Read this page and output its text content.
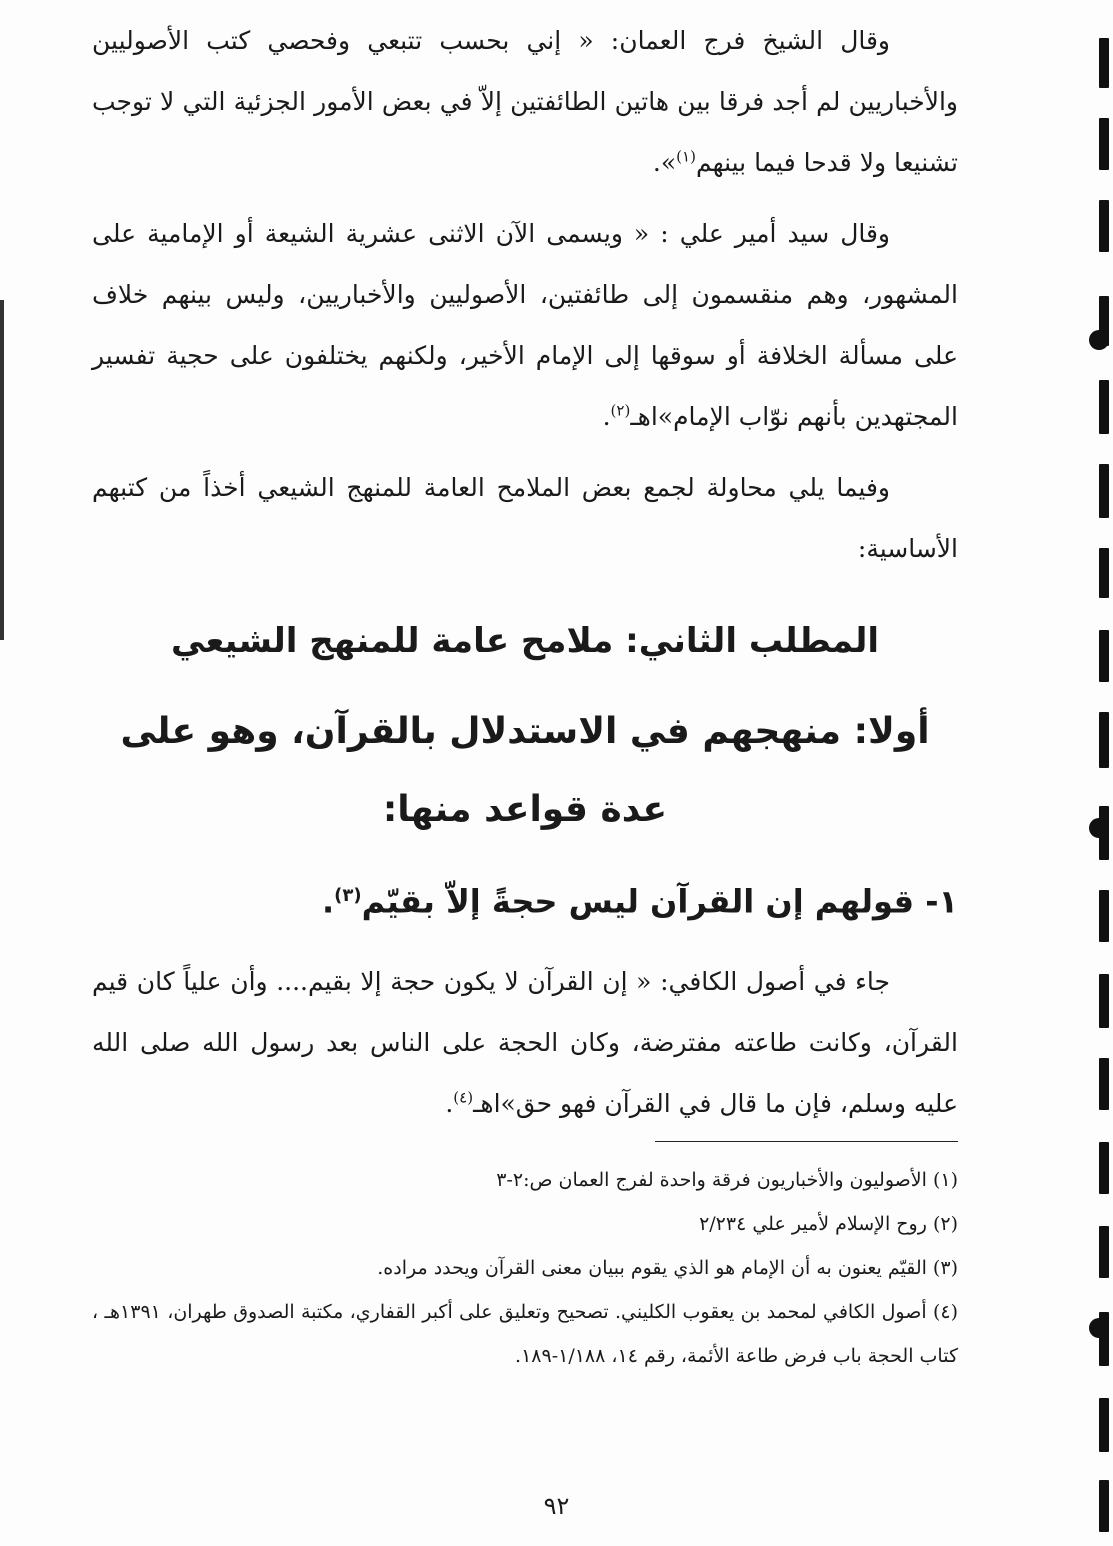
وقال الشيخ فرج العمان: « إني بحسب تتبعي وفحصي كتب الأصوليين والأخباريين لم أجد فرقا بين هاتين الطائفتين إلاّ في بعض الأمور الجزئية التي لا توجب تشنيعا ولا قدحا فيما بينهم$^{(١)}$».

وقال سيد أمير علي : « ويسمى الآن الاثنى عشرية الشيعة أو الإمامية على المشهور، وهم منقسمون إلى طائفتين، الأصوليين والأخباريين، وليس بينهم خلاف على مسألة الخلافة أو سوقها إلى الإمام الأخير، ولكنهم يختلفون على حجية تفسير المجتهدين بأنهم نوّاب الإمام»اهـ$^{(٢)}$.

وفيما يلي محاولة لجمع بعض الملامح العامة للمنهج الشيعي أخذاً من كتبهم الأساسية:

المطلب الثاني: ملامح عامة للمنهج الشيعي
أولا: منهجهم في الاستدلال بالقرآن، وهو على عدة قواعد منها:
١- قولهم إن القرآن ليس حجةً إلاّ بقيّم$^{(٣)}$.

جاء في أصول الكافي: « إن القرآن لا يكون حجة إلا بقيم.... وأن علياً كان قيم القرآن، وكانت طاعته مفترضة، وكان الحجة على الناس بعد رسول الله صلى الله عليه وسلم، فإن ما قال في القرآن فهو حق»اهـ$^{(٤)}$.

(١) الأصوليون والأخباريون فرقة واحدة لفرج العمان ص:٢-٣

(٢) روح الإسلام لأمير علي ٢/٢٣٤

(٣) القيّم يعنون به أن الإمام هو الذي يقوم ببيان معنى القرآن ويحدد مراده.

(٤) أصول الكافي لمحمد بن يعقوب الكليني. تصحيح وتعليق على أكبر القفاري، مكتبة الصدوق طهران، ١٣٩١هـ ، كتاب الحجة باب فرض طاعة الأئمة، رقم ١٤، ١/١٨٨-١٨٩.

٩٢
